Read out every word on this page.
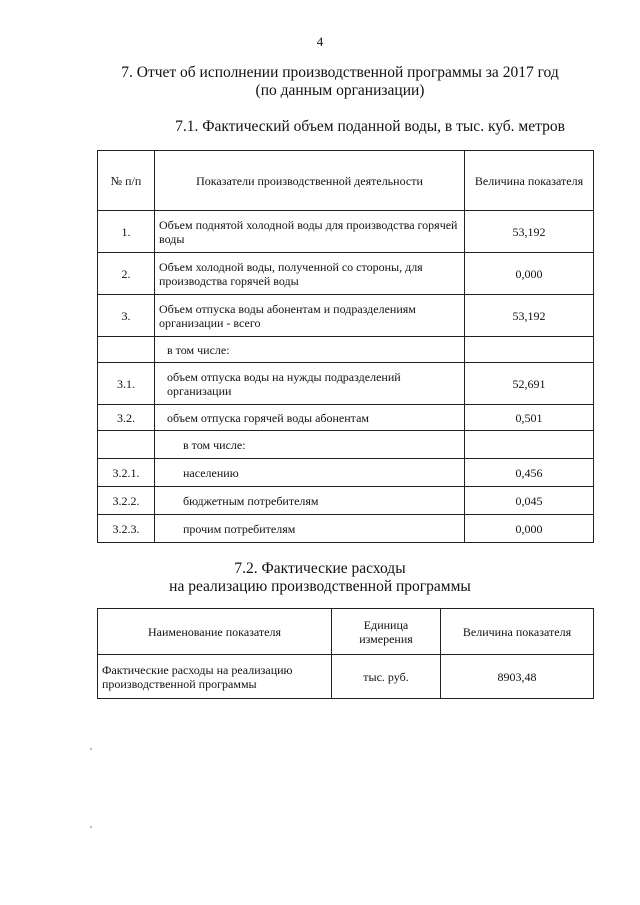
4
7. Отчет об исполнении производственной программы за 2017 год
(по данным организации)
7.1. Фактический объем поданной воды, в тыс. куб. метров
№ п/п	Показатели производственной деятельности	Величина показателя
1.	Объем поднятой холодной воды для производства горячей воды	53,192
2.	Объем холодной воды, полученной со стороны, для производства горячей воды	0,000
3.	Объем отпуска воды абонентам и подразделениям организации - всего	53,192
	в том числе:	
3.1.	объем отпуска воды на нужды подразделений организации	52,691
3.2.	объем отпуска горячей воды абонентам	0,501
	в том числе:	
3.2.1.	населению	0,456
3.2.2.	бюджетным потребителям	0,045
3.2.3.	прочим потребителям	0,000
7.2. Фактические расходы
на реализацию производственной программы
Наименование показателя	Единица измерения	Величина показателя
Фактические расходы на реализацию производственной программы	тыс. руб.	8903,48
